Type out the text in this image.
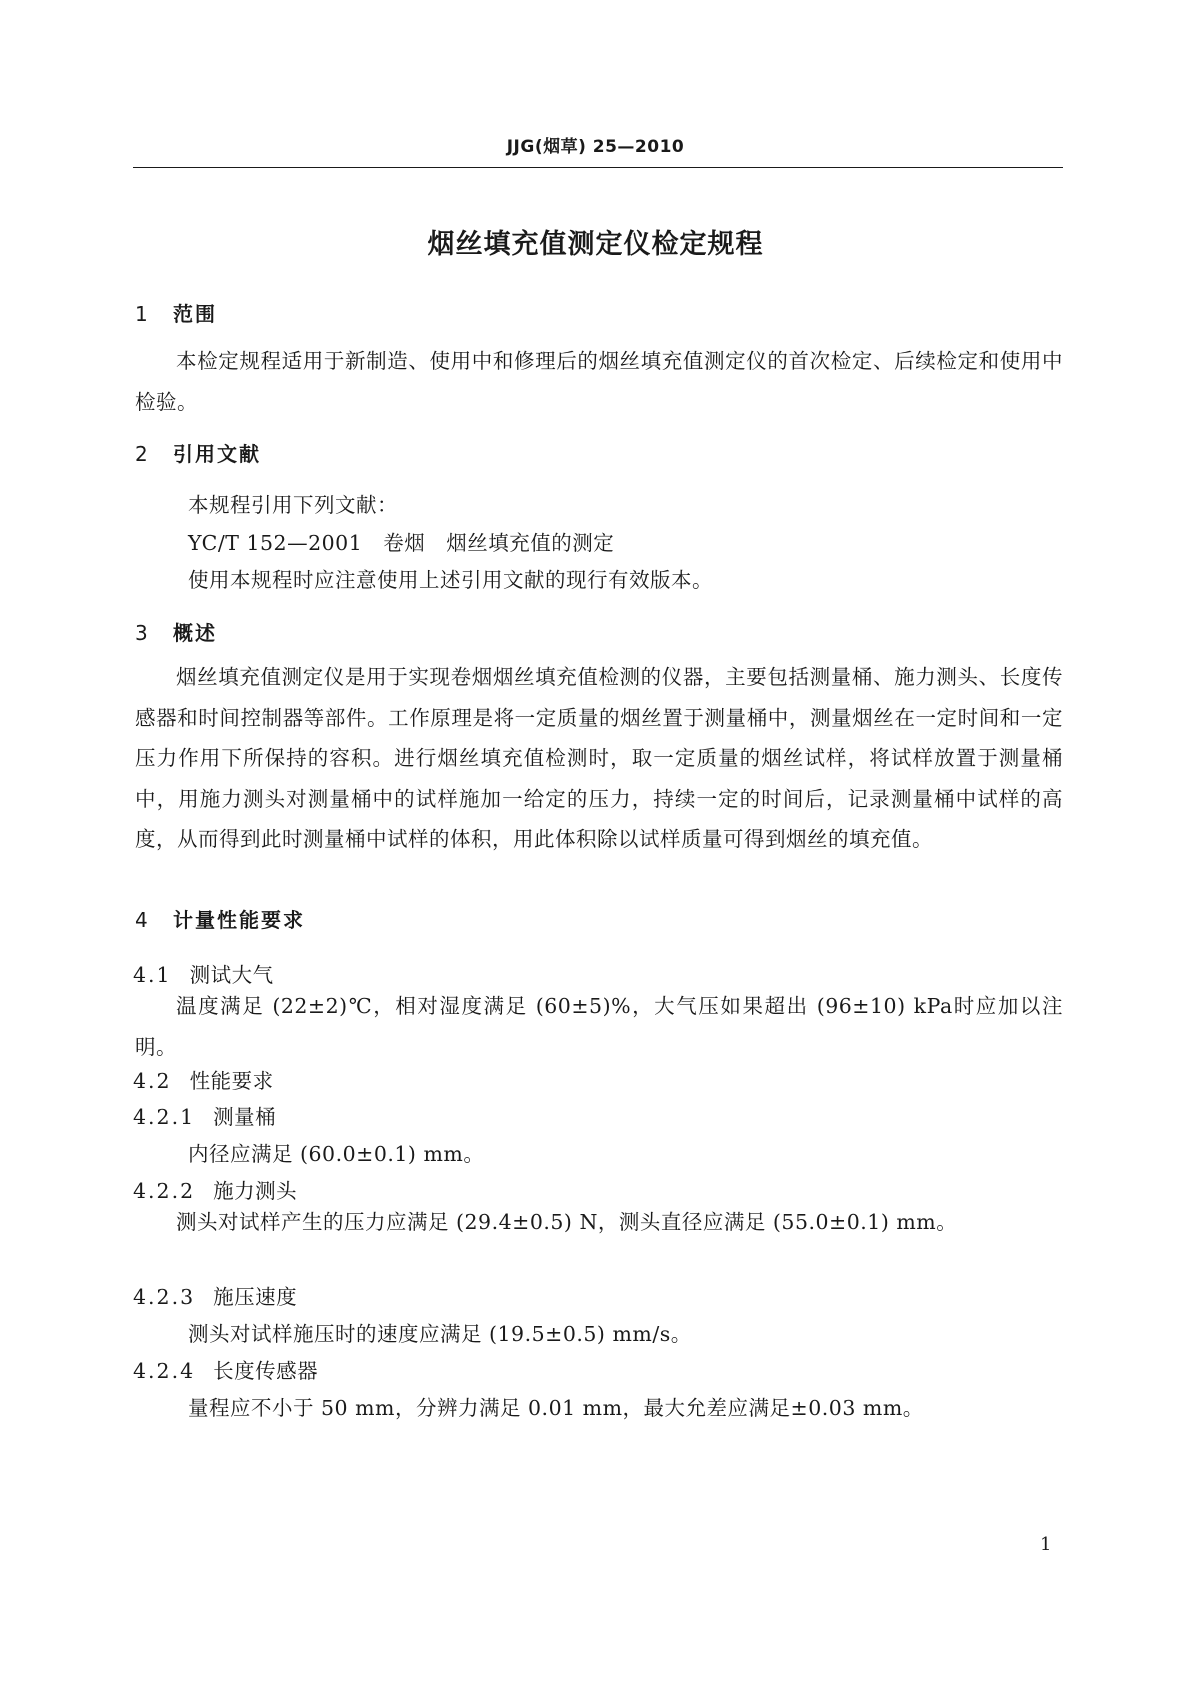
JJG(烟草) 25—2010
烟丝填充值测定仪检定规程
1 范围
本检定规程适用于新制造、使用中和修理后的烟丝填充值测定仪的首次检定、后续检定和使用中检验。
2 引用文献
本规程引用下列文献：
YC/T 152—2001　卷烟　烟丝填充值的测定
使用本规程时应注意使用上述引用文献的现行有效版本。
3 概述
烟丝填充值测定仪是用于实现卷烟烟丝填充值检测的仪器，主要包括测量桶、施力测头、长度传感器和时间控制器等部件。工作原理是将一定质量的烟丝置于测量桶中，测量烟丝在一定时间和一定压力作用下所保持的容积。进行烟丝填充值检测时，取一定质量的烟丝试样，将试样放置于测量桶中，用施力测头对测量桶中的试样施加一给定的压力，持续一定的时间后，记录测量桶中试样的高度，从而得到此时测量桶中试样的体积，用此体积除以试样质量可得到烟丝的填充值。
4 计量性能要求
4.1 测试大气
温度满足 (22±2)℃，相对湿度满足 (60±5)%，大气压如果超出 (96±10) kPa时应加以注明。
4.2 性能要求
4.2.1 测量桶
内径应满足 (60.0±0.1) mm。
4.2.2 施力测头
测头对试样产生的压力应满足 (29.4±0.5) N，测头直径应满足 (55.0±0.1) mm。
4.2.3 施压速度
测头对试样施压时的速度应满足 (19.5±0.5) mm/s。
4.2.4 长度传感器
量程应不小于 50 mm，分辨力满足 0.01 mm，最大允差应满足±0.03 mm。
1
